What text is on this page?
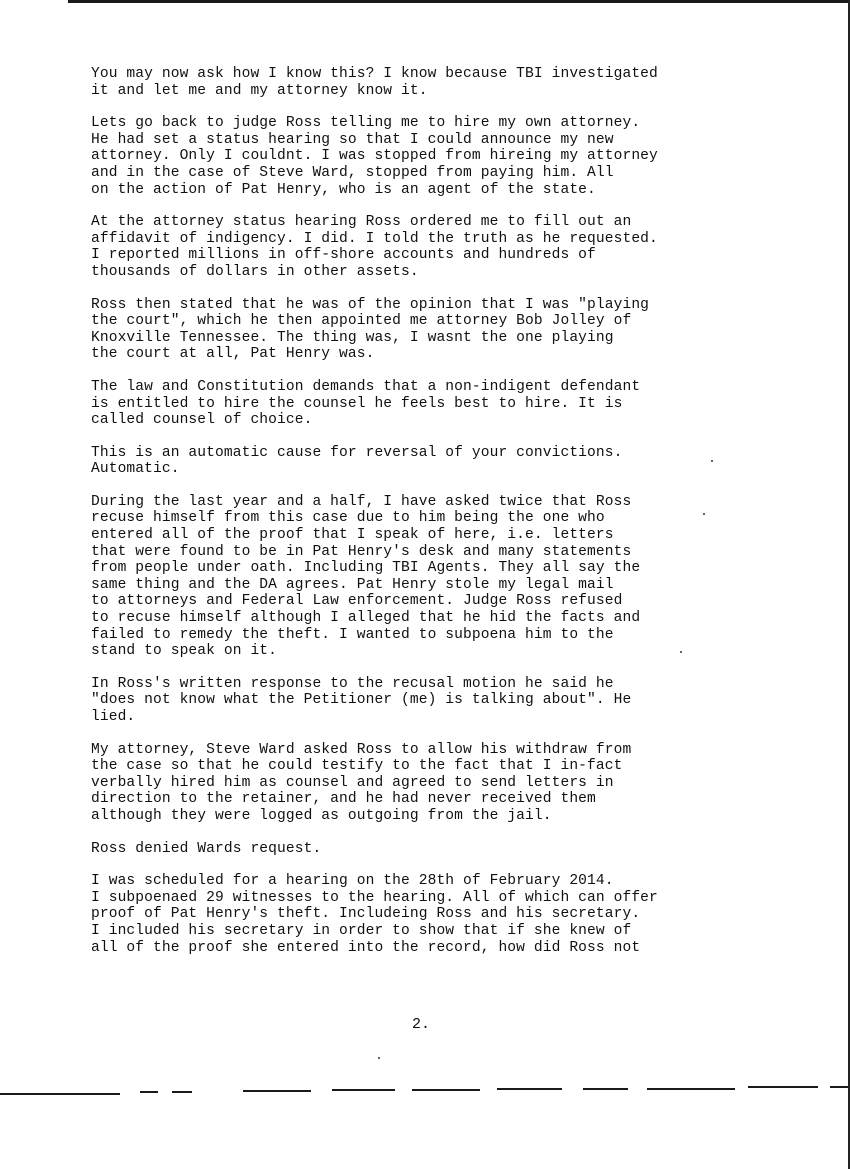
You may now ask how I know this? I know because TBI investigated
it and let me and my attorney know it.

Lets go back to judge Ross telling me to hire my own attorney.
He had set a status hearing so that I could announce my new
attorney. Only I couldnt. I was stopped from hireing my attorney
and in the case of Steve Ward, stopped from paying him. All
on the action of Pat Henry, who is an agent of the state.

At the attorney status hearing Ross ordered me to fill out an
affidavit of indigency. I did. I told the truth as he requested.
I reported millions in off-shore accounts and hundreds of
thousands of dollars in other assets.

Ross then stated that he was of the opinion that I was "playing
the court", which he then appointed me attorney Bob Jolley of
Knoxville Tennessee. The thing was, I wasnt the one playing
the court at all, Pat Henry was.

The law and Constitution demands that a non-indigent defendant
is entitled to hire the counsel he feels best to hire. It is
called counsel of choice.

This is an automatic cause for reversal of your convictions.
Automatic.

During the last year and a half, I have asked twice that Ross
recuse himself from this case due to him being the one who
entered all of the proof that I speak of here, i.e. letters
that were found to be in Pat Henry's desk and many statements
from people under oath. Including TBI Agents. They all say the
same thing and the DA agrees. Pat Henry stole my legal mail
to attorneys and Federal Law enforcement. Judge Ross refused
to recuse himself although I alleged that he hid the facts and
failed to remedy the theft. I wanted to subpoena him to the
stand to speak on it.

In Ross's written response to the recusal motion he said he
"does not know what the Petitioner (me) is talking about". He
lied.

My attorney, Steve Ward asked Ross to allow his withdraw from
the case so that he could testify to the fact that I in-fact
verbally hired him as counsel and agreed to send letters in
direction to the retainer, and he had never received them
although they were logged as outgoing from the jail.

Ross denied Wards request.

I was scheduled for a hearing on the 28th of February 2014.
I subpoenaed 29 witnesses to the hearing. All of which can offer
proof of Pat Henry's theft. Includeing Ross and his secretary.
I included his secretary in order to show that if she knew of
all of the proof she entered into the record, how did Ross not

2.
